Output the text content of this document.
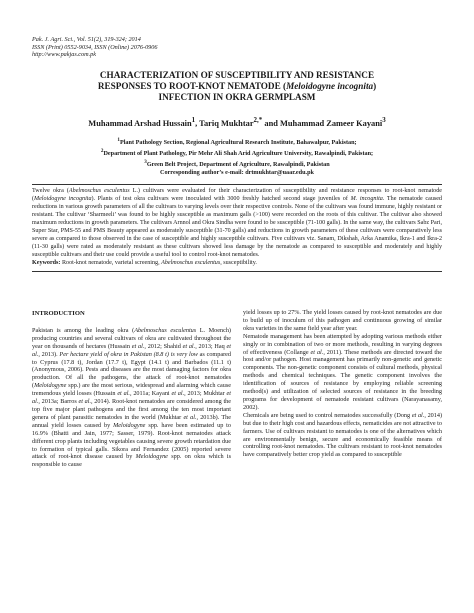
Pak. J. Agri. Sci., Vol. 51(2), 319-324; 2014
ISSN (Print) 0552-9034, ISSN (Online) 2076-0906
http://www.pakjas.com.pk
CHARACTERIZATION OF SUSCEPTIBILITY AND RESISTANCE
RESPONSES TO ROOT-KNOT NEMATODE (Meloidogyne incognita)
INFECTION IN OKRA GERMPLASM
Muhammad Arshad Hussain$^1$, Tariq Mukhtar$^{2,*}$ and Muhammad Zameer Kayani$^3$
$^1$Plant Pathology Section, Regional Agricultural Research Institute, Bahawalpur, Pakistan;
$^2$Department of Plant Pathology, Pir Mehr Ali Shah Arid Agriculture University, Rawalpindi, Pakistan;
$^3$Green Belt Project, Department of Agriculture, Rawalpindi, Pakistan
Corresponding author’s e-mail: drtmukhtar@uaar.edu.pk
Twelve okra (Abelmoschus esculentus L.) cultivars were evaluated for their characterization of susceptibility and resistance responses to root-knot nematode (Meloidogyne incognita). Plants of test okra cultivars were inoculated with 3000 freshly hatched second stage juveniles of M. incognita. The nematode caused reductions in various growth parameters of all the cultivars to varying levels over their respective controls. None of the cultivars was found immune, highly resistant or resistant. The cultivar ‘Sharmeeli’ was found to be highly susceptible as maximum galls (>100) were recorded on the roots of this cultivar. The cultivar also showed maximum reductions in growth parameters. The cultivars Arnnol and Okra Sindha were found to be susceptible (71-100 galls). In the same way, the cultivars Sabz Pari, Super Star, PMS-55 and PMS Beauty appeared as moderately susceptible (31-70 galls) and reductions in growth parameters of these cultivars were comparatively less severe as compared to those observed in the case of susceptible and highly susceptible cultivars. Five cultivars viz. Sanam, Dikshah, Arka Anamika, Ikra-1 and Ikra-2 (11-30 galls) were rated as moderately resistant as these cultivars showed less damage by the nematode as compared to susceptible and moderately and highly susceptible cultivars and their use could provide a useful tool to control root-knot nematodes.
Keywords: Root-knot nematode, varietal screening, Abelmoschus esculentus, susceptibility.
INTRODUCTION

Pakistan is among the leading okra (Abelmoschus esculentus L. Moench) producing countries and several cultivars of okra are cultivated throughout the year on thousands of hectares (Hussain et al., 2012; Shahid et al., 2013; Haq et al., 2013). Per hectare yield of okra in Pakistan (8.8 t) is very low as compared to Cyprus (17.8 t), Jordan (17.7 t), Egypt (14.1 t) and Barbados (11.1 t) (Anonymous, 2006). Pests and diseases are the most damaging factors for okra production. Of all the pathogens, the attack of root-knot nematodes (Meloidogyne spp.) are the most serious, widespread and alarming which cause tremendous yield losses (Hussain et al., 2011a; Kayani et al., 2013; Mukhtar et al., 2013a; Barros et al., 2014). Root-knot nematodes are considered among the top five major plant pathogens and the first among the ten most important genera of plant parasitic nematodes in the world (Mukhtar et al., 2013b). The annual yield losses caused by Meloidogyne spp. have been estimated up to 16.9% (Bhatti and Jain, 1977; Sasser, 1979). Root-knot nematodes attack different crop plants including vegetables causing severe growth retardation due to formation of typical galls. Sikora and Fernandez (2005) reported severe attack of root-knot disease caused by Meloidogyne spp. on okra which is responsible to cause

yield losses up to 27%. The yield losses caused by root-knot nematodes are due to build up of inoculum of this pathogen and continuous growing of similar okra varieties in the same field year after year.

Nematode management has been attempted by adopting various methods either singly or in combination of two or more methods, resulting in varying degrees of effectiveness (Collange et al., 2011). These methods are directed toward the host and/or pathogen. Host management has primarily non-genetic and genetic components. The non-genetic component consists of cultural methods, physical methods and chemical techniques. The genetic component involves the identification of sources of resistance by employing reliable screening method(s) and utilization of selected sources of resistance in the breeding programs for development of nematode resistant cultivars (Narayanasamy, 2002).

Chemicals are being used to control nematodes successfully (Dong et al., 2014) but due to their high cost and hazardous effects, nematicides are not attractive to farmers. Use of cultivars resistant to nematodes is one of the alternatives which are environmentally benign, secure and economically feasible means of controlling root-knot nematodes. The cultivars resistant to root-knot nematodes have comparatively better crop yield as compared to susceptible
